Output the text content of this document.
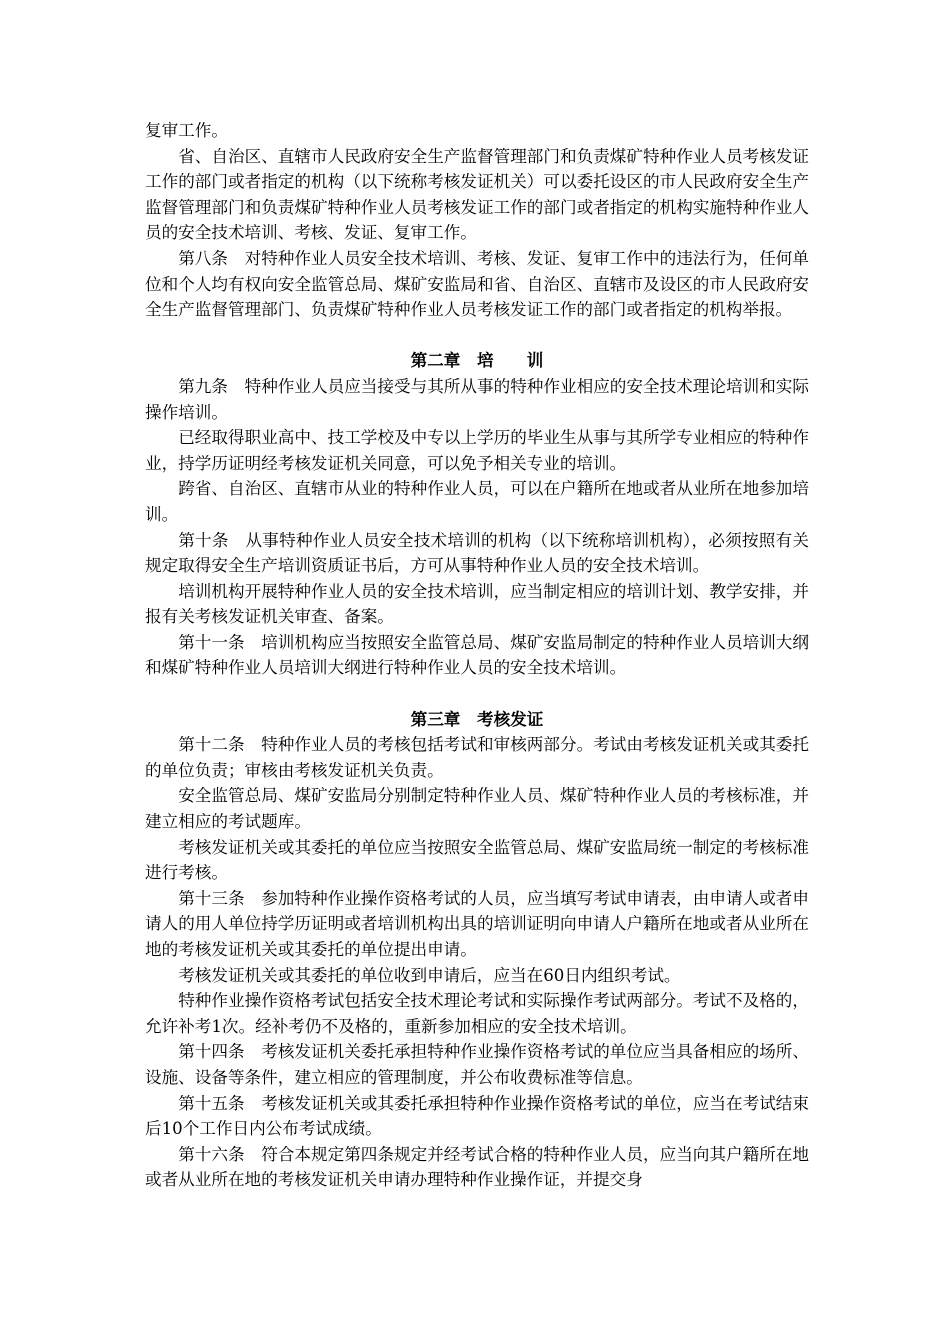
复审工作。

省、自治区、直辖市人民政府安全生产监督管理部门和负责煤矿特种作业人员考核发证工作的部门或者指定的机构（以下统称考核发证机关）可以委托设区的市人民政府安全生产监督管理部门和负责煤矿特种作业人员考核发证工作的部门或者指定的机构实施特种作业人员的安全技术培训、考核、发证、复审工作。

第八条　对特种作业人员安全技术培训、考核、发证、复审工作中的违法行为，任何单位和个人均有权向安全监管总局、煤矿安监局和省、自治区、直辖市及设区的市人民政府安全生产监督管理部门、负责煤矿特种作业人员考核发证工作的部门或者指定的机构举报。

第二章　培　　训

第九条　特种作业人员应当接受与其所从事的特种作业相应的安全技术理论培训和实际操作培训。

已经取得职业高中、技工学校及中专以上学历的毕业生从事与其所学专业相应的特种作业，持学历证明经考核发证机关同意，可以免予相关专业的培训。

跨省、自治区、直辖市从业的特种作业人员，可以在户籍所在地或者从业所在地参加培训。

第十条　从事特种作业人员安全技术培训的机构（以下统称培训机构），必须按照有关规定取得安全生产培训资质证书后，方可从事特种作业人员的安全技术培训。

培训机构开展特种作业人员的安全技术培训，应当制定相应的培训计划、教学安排，并报有关考核发证机关审查、备案。

第十一条　培训机构应当按照安全监管总局、煤矿安监局制定的特种作业人员培训大纲和煤矿特种作业人员培训大纲进行特种作业人员的安全技术培训。

第三章　考核发证

第十二条　特种作业人员的考核包括考试和审核两部分。考试由考核发证机关或其委托的单位负责；审核由考核发证机关负责。

安全监管总局、煤矿安监局分别制定特种作业人员、煤矿特种作业人员的考核标准，并建立相应的考试题库。

考核发证机关或其委托的单位应当按照安全监管总局、煤矿安监局统一制定的考核标准进行考核。

第十三条　参加特种作业操作资格考试的人员，应当填写考试申请表，由申请人或者申请人的用人单位持学历证明或者培训机构出具的培训证明向申请人户籍所在地或者从业所在地的考核发证机关或其委托的单位提出申请。

考核发证机关或其委托的单位收到申请后，应当在60日内组织考试。

特种作业操作资格考试包括安全技术理论考试和实际操作考试两部分。考试不及格的，允许补考1次。经补考仍不及格的，重新参加相应的安全技术培训。

第十四条　考核发证机关委托承担特种作业操作资格考试的单位应当具备相应的场所、设施、设备等条件，建立相应的管理制度，并公布收费标准等信息。

第十五条　考核发证机关或其委托承担特种作业操作资格考试的单位，应当在考试结束后10个工作日内公布考试成绩。

第十六条　符合本规定第四条规定并经考试合格的特种作业人员，应当向其户籍所在地或者从业所在地的考核发证机关申请办理特种作业操作证，并提交身
